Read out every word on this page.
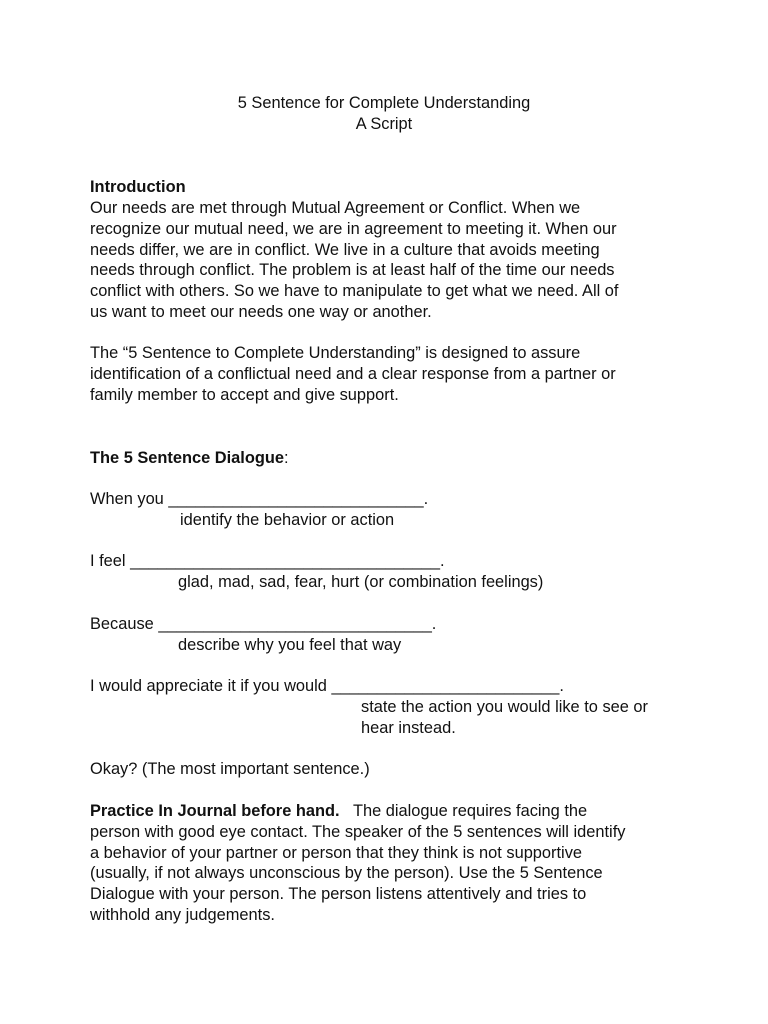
5 Sentence for Complete Understanding
A Script
Introduction
Our needs are met through Mutual Agreement or Conflict. When we
recognize our mutual need, we are in agreement to meeting it. When our
needs differ, we are in conflict. We live in a culture that avoids meeting
needs through conflict. The problem is at least half of the time our needs
conflict with others. So we have to manipulate to get what we need. All of
us want to meet our needs one way or another.
The “5 Sentence to Complete Understanding” is designed to assure
identification of a conflictual need and a clear response from a partner or
family member to accept and give support.
The 5 Sentence Dialogue:
When you ____________________________.
identify the behavior or action
I feel __________________________________.
glad, mad, sad, fear, hurt (or combination feelings)
Because ______________________________.
describe why you feel that way
I would appreciate it if you would _________________________.
state the action you would like to see or
hear instead.
Okay? (The most important sentence.)
Practice In Journal before hand.   The dialogue requires facing the
person with good eye contact. The speaker of the 5 sentences will identify
a behavior of your partner or person that they think is not supportive
(usually, if not always unconscious by the person). Use the 5 Sentence
Dialogue with your person. The person listens attentively and tries to
withhold any judgements.
